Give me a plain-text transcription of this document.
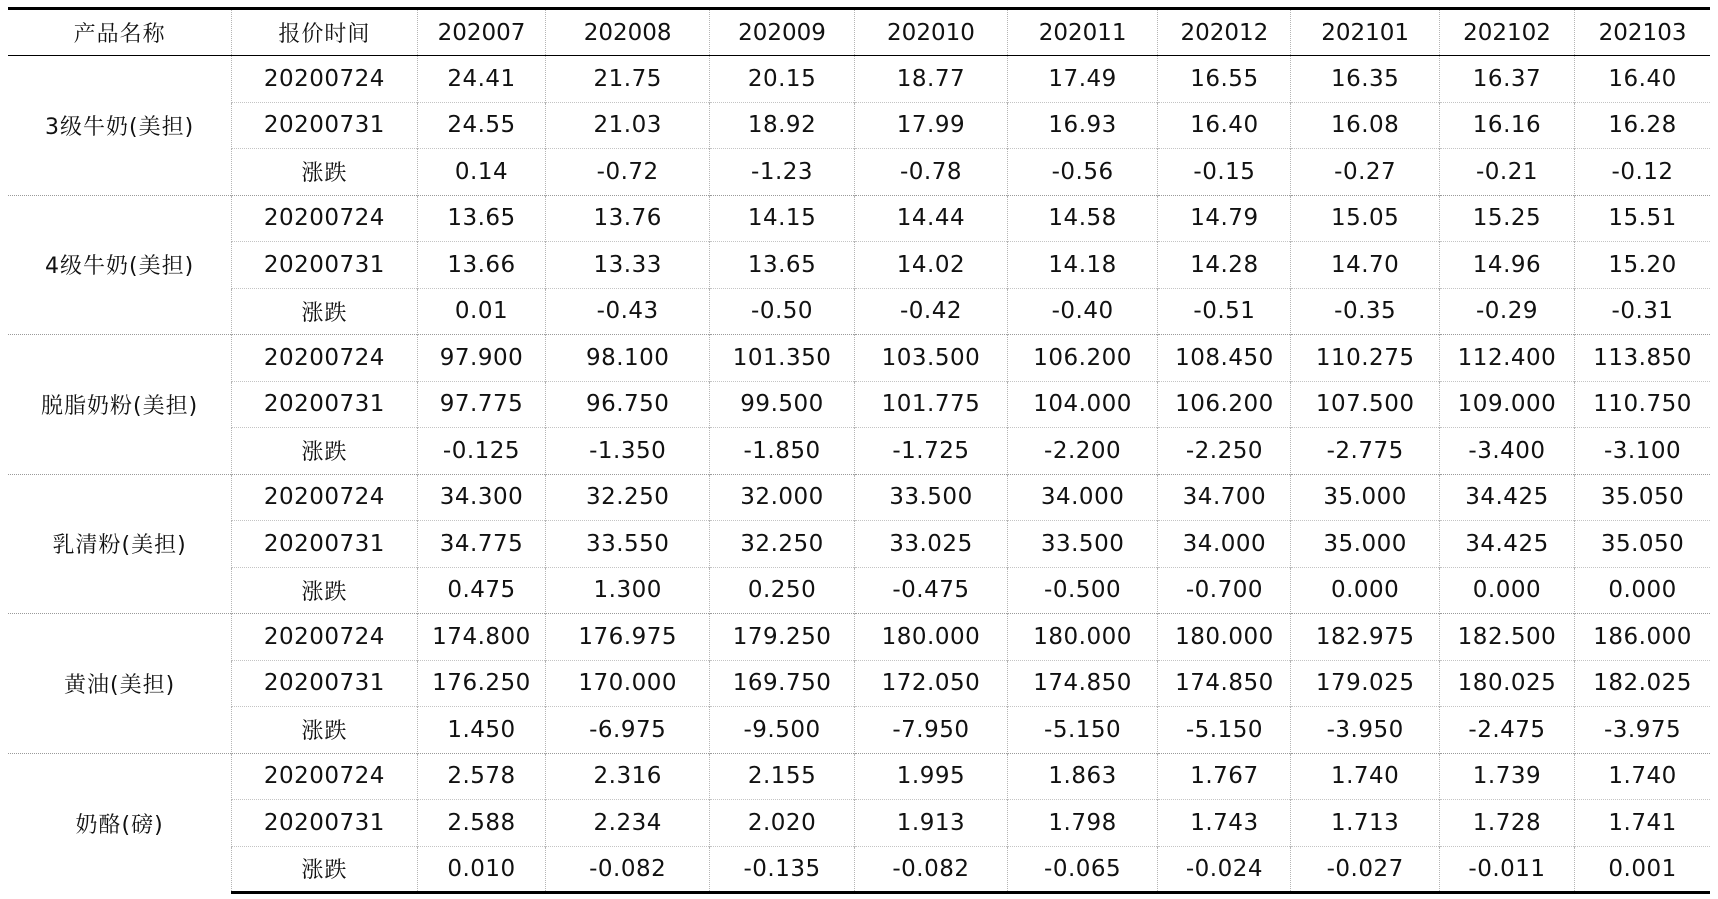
产品名称	报价时间	202007	202008	202009	202010	202011	202012	202101	202102	202103
3级牛奶(美担)	20200724	24.41	21.75	20.15	18.77	17.49	16.55	16.35	16.37	16.40
	20200731	24.55	21.03	18.92	17.99	16.93	16.40	16.08	16.16	16.28
	涨跌	0.14	-0.72	-1.23	-0.78	-0.56	-0.15	-0.27	-0.21	-0.12
4级牛奶(美担)	20200724	13.65	13.76	14.15	14.44	14.58	14.79	15.05	15.25	15.51
	20200731	13.66	13.33	13.65	14.02	14.18	14.28	14.70	14.96	15.20
	涨跌	0.01	-0.43	-0.50	-0.42	-0.40	-0.51	-0.35	-0.29	-0.31
脱脂奶粉(美担)	20200724	97.900	98.100	101.350	103.500	106.200	108.450	110.275	112.400	113.850
	20200731	97.775	96.750	99.500	101.775	104.000	106.200	107.500	109.000	110.750
	涨跌	-0.125	-1.350	-1.850	-1.725	-2.200	-2.250	-2.775	-3.400	-3.100
乳清粉(美担)	20200724	34.300	32.250	32.000	33.500	34.000	34.700	35.000	34.425	35.050
	20200731	34.775	33.550	32.250	33.025	33.500	34.000	35.000	34.425	35.050
	涨跌	0.475	1.300	0.250	-0.475	-0.500	-0.700	0.000	0.000	0.000
黄油(美担)	20200724	174.800	176.975	179.250	180.000	180.000	180.000	182.975	182.500	186.000
	20200731	176.250	170.000	169.750	172.050	174.850	174.850	179.025	180.025	182.025
	涨跌	1.450	-6.975	-9.500	-7.950	-5.150	-5.150	-3.950	-2.475	-3.975
奶酪(磅)	20200724	2.578	2.316	2.155	1.995	1.863	1.767	1.740	1.739	1.740
	20200731	2.588	2.234	2.020	1.913	1.798	1.743	1.713	1.728	1.741
	涨跌	0.010	-0.082	-0.135	-0.082	-0.065	-0.024	-0.027	-0.011	0.001
